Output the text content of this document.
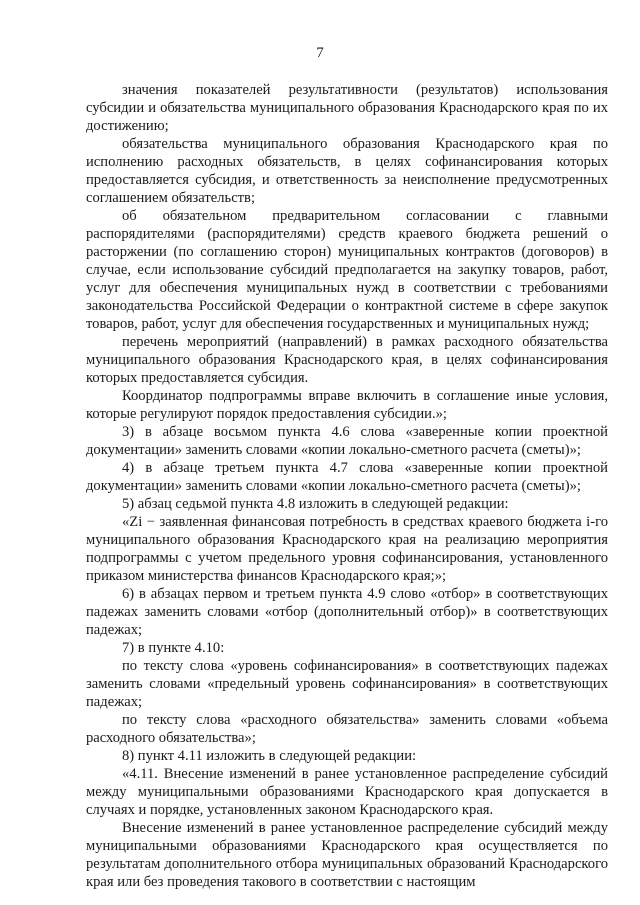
7

значения показателей результативности (результатов) использования субсидии и обязательства муниципального образования Краснодарского края по их достижению;

обязательства муниципального образования Краснодарского края по исполнению расходных обязательств, в целях софинансирования которых предоставляется субсидия, и ответственность за неисполнение предусмотренных соглашением обязательств;

об обязательном предварительном согласовании с главными распорядителями (распорядителями) средств краевого бюджета решений о расторжении (по соглашению сторон) муниципальных контрактов (договоров) в случае, если использование субсидий предполагается на закупку товаров, работ, услуг для обеспечения муниципальных нужд в соответствии с требованиями законодательства Российской Федерации о контрактной системе в сфере закупок товаров, работ, услуг для обеспечения государственных и муниципальных нужд;

перечень мероприятий (направлений) в рамках расходного обязательства муниципального образования Краснодарского края, в целях софинансирования которых предоставляется субсидия.

Координатор подпрограммы вправе включить в соглашение иные условия, которые регулируют порядок предоставления субсидии.»;

3) в абзаце восьмом пункта 4.6 слова «заверенные копии проектной документации» заменить словами «копии локально-сметного расчета (сметы)»;

4) в абзаце третьем пункта 4.7 слова «заверенные копии проектной документации» заменить словами «копии локально-сметного расчета (сметы)»;

5) абзац седьмой пункта 4.8 изложить в следующей редакции:

«Zi − заявленная финансовая потребность в средствах краевого бюджета i-го муниципального образования Краснодарского края на реализацию мероприятия подпрограммы с учетом предельного уровня софинансирования, установленного приказом министерства финансов Краснодарского края;»;

6) в абзацах первом и третьем пункта 4.9 слово «отбор» в соответствующих падежах заменить словами «отбор (дополнительный отбор)» в соответствующих падежах;

7) в пункте 4.10:

по тексту слова «уровень софинансирования» в соответствующих падежах заменить словами «предельный уровень софинансирования» в соответствующих падежах;

по тексту слова «расходного обязательства» заменить словами «объема расходного обязательства»;

8) пункт 4.11 изложить в следующей редакции:

«4.11. Внесение изменений в ранее установленное распределение субсидий между муниципальными образованиями Краснодарского края допускается в случаях и порядке, установленных законом Краснодарского края.

Внесение изменений в ранее установленное распределение субсидий между муниципальными образованиями Краснодарского края осуществляется по результатам дополнительного отбора муниципальных образований Краснодарского края или без проведения такового в соответствии с настоящим
